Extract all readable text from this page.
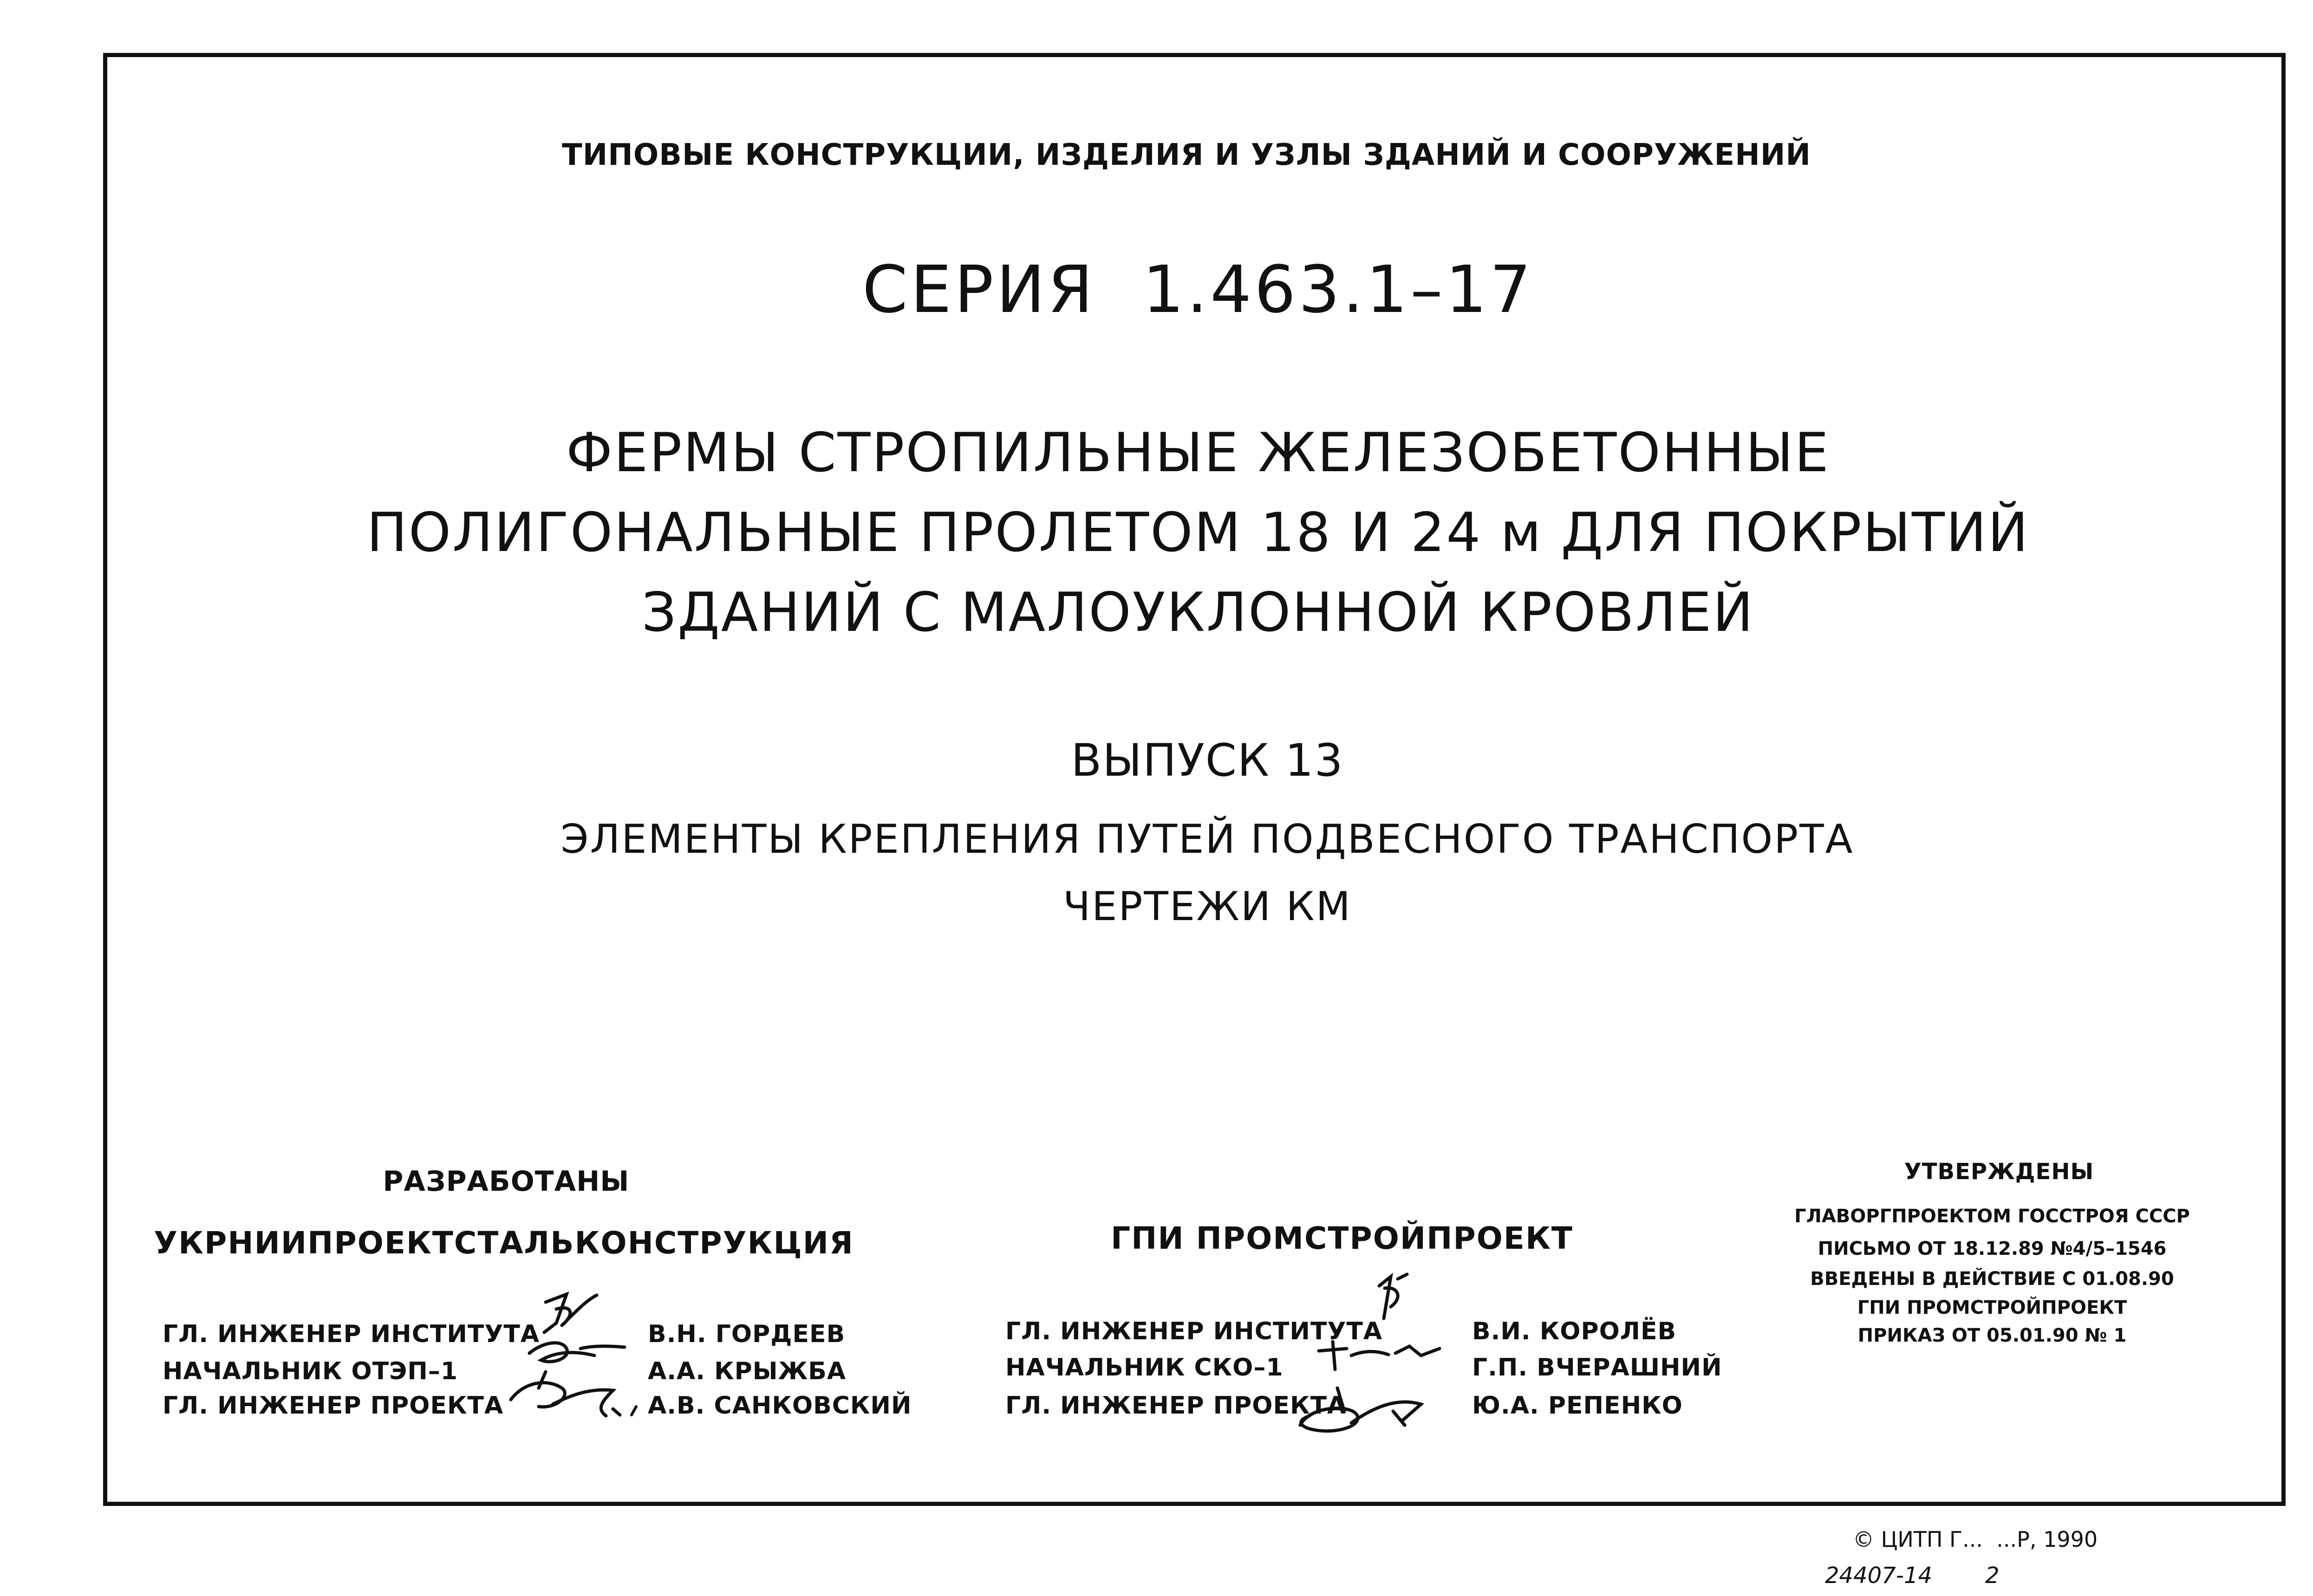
ТИПОВЫЕ КОНСТРУКЦИИ, ИЗДЕЛИЯ И УЗЛЫ ЗДАНИЙ И СООРУЖЕНИЙ
СЕРИЯ  1.463.1–17
ФЕРМЫ СТРОПИЛЬНЫЕ ЖЕЛЕЗОБЕТОННЫЕ
ПОЛИГОНАЛЬНЫЕ ПРОЛЕТОМ 18 И 24 м ДЛЯ ПОКРЫТИЙ
ЗДАНИЙ С МАЛОУКЛОННОЙ КРОВЛЕЙ
ВЫПУСК 13
ЭЛЕМЕНТЫ КРЕПЛЕНИЯ ПУТЕЙ ПОДВЕСНОГО ТРАНСПОРТА
ЧЕРТЕЖИ КМ
РАЗРАБОТАНЫ
УКРНИИПРОЕКТСТАЛЬКОНСТРУКЦИЯ
ГЛ. ИНЖЕНЕР ИНСТИТУТА
НАЧАЛЬНИК ОТЭП–1
ГЛ. ИНЖЕНЕР ПРОЕКТА
В.Н. ГОРДЕЕВ
А.А. КРЫЖБА
А.В. САНКОВСКИЙ
ГПИ ПРОМСТРОЙПРОЕКТ
ГЛ. ИНЖЕНЕР ИНСТИТУТА
НАЧАЛЬНИК СКО–1
ГЛ. ИНЖЕНЕР ПРОЕКТА
В.И. КОРОЛЁВ
Г.П. ВЧЕРАШНИЙ
Ю.А. РЕПЕНКО
УТВЕРЖДЕНЫ
ГЛАВОРГПРОЕКТОМ ГОССТРОЯ СССР
ПИСЬМО ОТ 18.12.89 №4/5–1546
ВВЕДЕНЫ В ДЕЙСТВИЕ С 01.08.90
ГПИ ПРОМСТРОЙПРОЕКТ
ПРИКАЗ ОТ 05.01.90 № 1
© ЦИТП Г...  ...Р, 1990
24407-14 2
